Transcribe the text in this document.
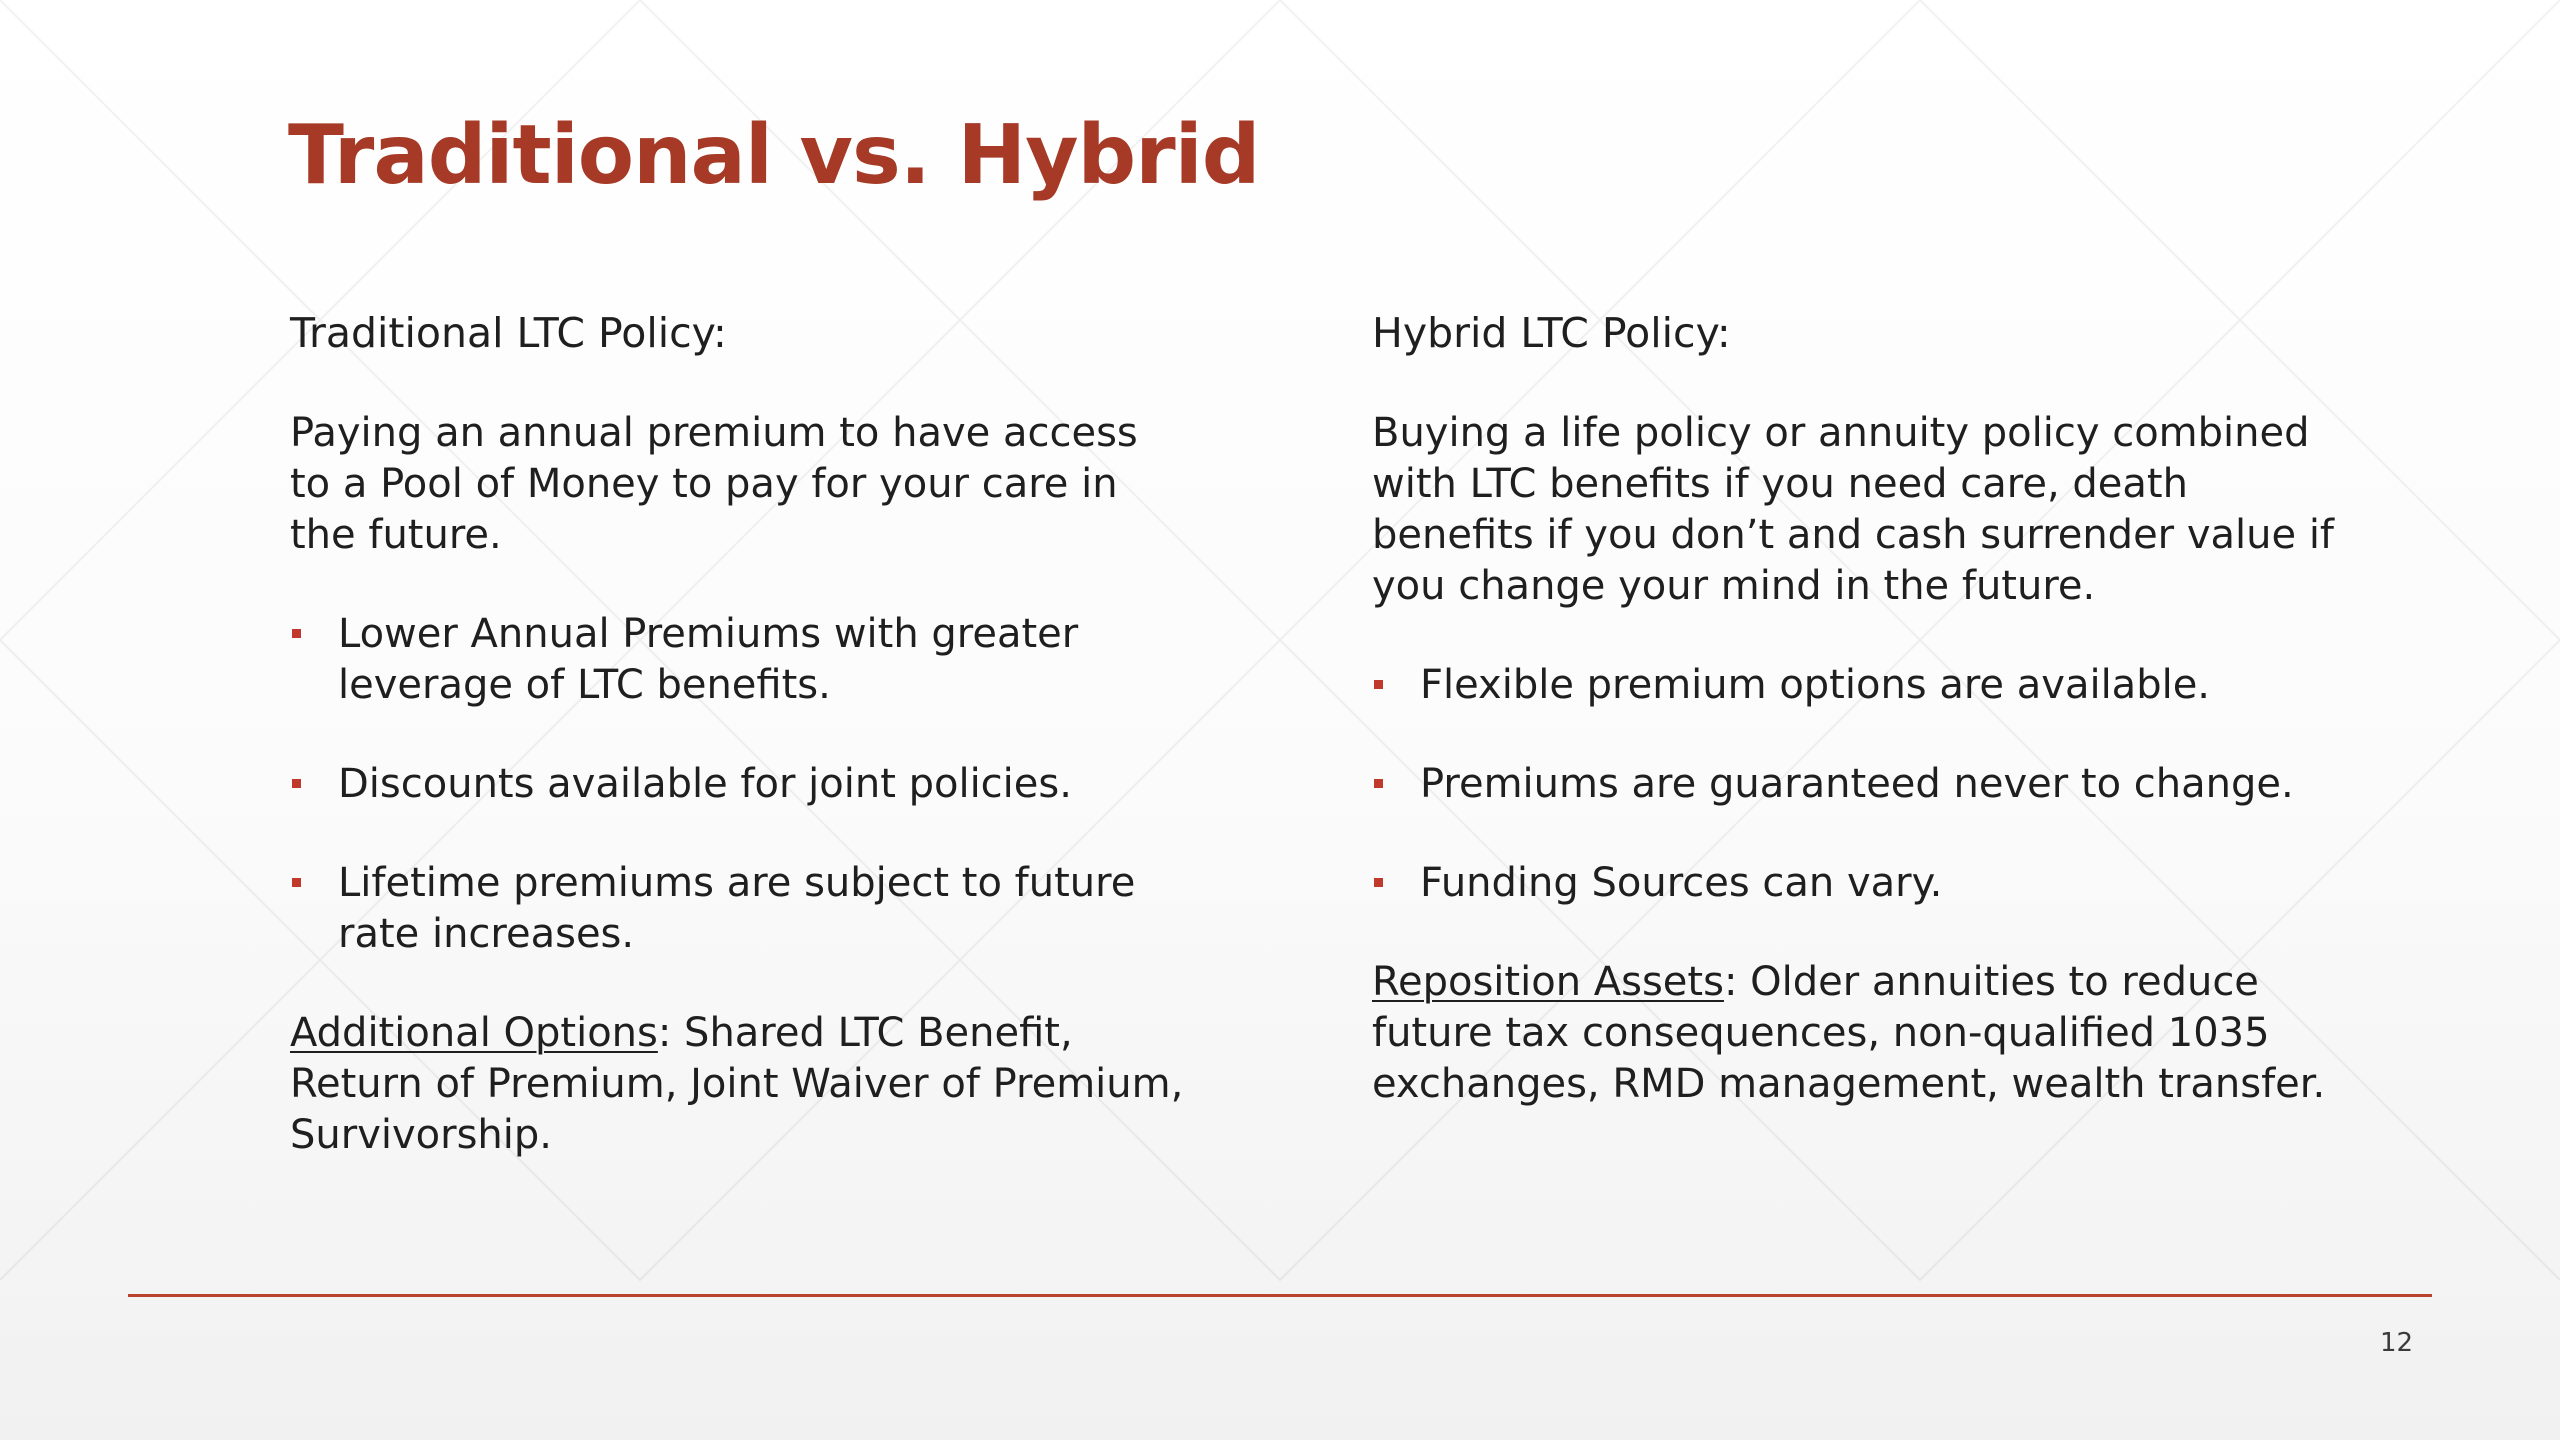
Traditional vs. Hybrid
Traditional LTC Policy:

Paying an annual premium to have access to a Pool of Money to pay for your care in the future.

Lower Annual Premiums with greater leverage of LTC benefits.
Discounts available for joint policies.
Lifetime premiums are subject to future rate increases.

Additional Options: Shared LTC Benefit, Return of Premium, Joint Waiver of Premium, Survivorship.

Hybrid LTC Policy:

Buying a life policy or annuity policy combined with LTC benefits if you need care, death benefits if you don’t and cash surrender value if you change your mind in the future.

Flexible premium options are available.
Premiums are guaranteed never to change.
Funding Sources can vary.

Reposition Assets: Older annuities to reduce future tax consequences, non-qualified 1035 exchanges, RMD management, wealth transfer.

12
